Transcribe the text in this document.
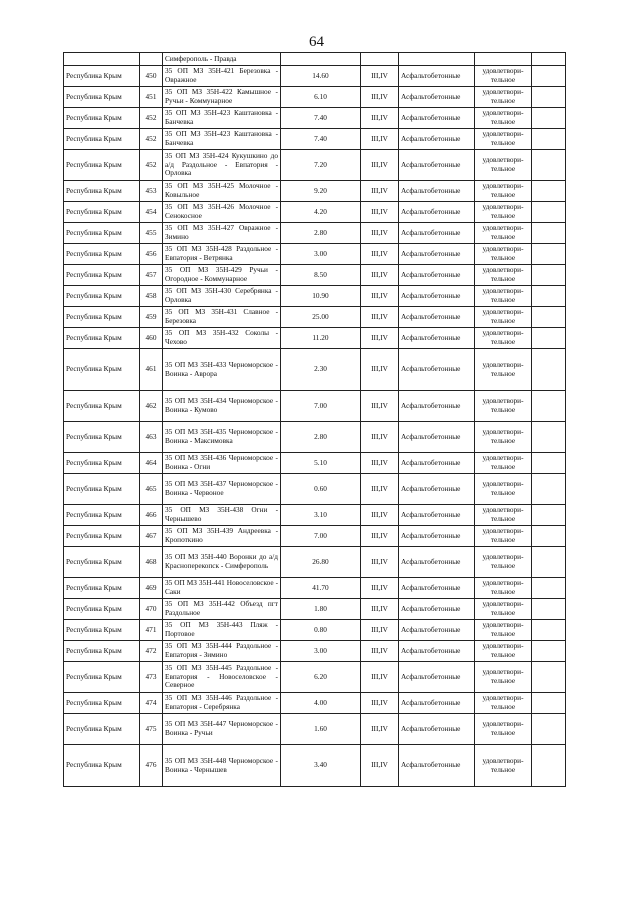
64
		Симферополь - Правда					
Республика Крым	450	35 ОП МЗ 35Н-421 Березовка - Овражное	14.60	III,IV	Асфальтобетонные	удовлетвори- тельное	
Республика Крым	451	35 ОП МЗ 35Н-422 Камышное - Ручьи - Коммунарное	6.10	III,IV	Асфальтобетонные	удовлетвори- тельное	
Республика Крым	452	35 ОП МЗ 35Н-423 Каштановка - Банчевка	7.40	III,IV	Асфальтобетонные	удовлетвори- тельное	
Республика Крым	452	35 ОП МЗ 35Н-423 Каштановка - Банчевка	7.40	III,IV	Асфальтобетонные	удовлетвори- тельное	
Республика Крым	452	35 ОП МЗ 35Н-424 Кукушкино до а/д Раздольное - Евпатория - Орловка	7.20	III,IV	Асфальтобетонные	удовлетвори- тельное	
Республика Крым	453	35 ОП МЗ 35Н-425 Молочное - Ковыльное	9.20	III,IV	Асфальтобетонные	удовлетвори- тельное	
Республика Крым	454	35 ОП МЗ 35Н-426 Молочное - Сенокосное	4.20	III,IV	Асфальтобетонные	удовлетвори- тельное	
Республика Крым	455	35 ОП МЗ 35Н-427 Овражное - Зимино	2.80	III,IV	Асфальтобетонные	удовлетвори- тельное	
Республика Крым	456	35 ОП МЗ 35Н-428 Раздольное - Евпатория - Ветрянка	3.00	III,IV	Асфальтобетонные	удовлетвори- тельное	
Республика Крым	457	35 ОП МЗ 35Н-429 Ручьи - Огородное - Коммунарное	8.50	III,IV	Асфальтобетонные	удовлетвори- тельное	
Республика Крым	458	35 ОП МЗ 35Н-430 Серебрянка - Орловка	10.90	III,IV	Асфальтобетонные	удовлетвори- тельное	
Республика Крым	459	35 ОП МЗ 35Н-431 Славное - Березовка	25.00	III,IV	Асфальтобетонные	удовлетвори- тельное	
Республика Крым	460	35 ОП МЗ 35Н-432 Соколы - Чехово	11.20	III,IV	Асфальтобетонные	удовлетвори- тельное	
Республика Крым	461	35 ОП МЗ 35Н-433 Черноморское - Воинка - Аврора	2.30	III,IV	Асфальтобетонные	удовлетвори- тельное	
Республика Крым	462	35 ОП МЗ 35Н-434 Черноморское - Воинка - Кумово	7.00	III,IV	Асфальтобетонные	удовлетвори- тельное	
Республика Крым	463	35 ОП МЗ 35Н-435 Черноморское - Воинка - Максимовка	2.80	III,IV	Асфальтобетонные	удовлетвори- тельное	
Республика Крым	464	35 ОП МЗ 35Н-436 Черноморское - Воинка - Огни	5.10	III,IV	Асфальтобетонные	удовлетвори- тельное	
Республика Крым	465	35 ОП МЗ 35Н-437 Черноморское - Воинка - Червоное	0.60	III,IV	Асфальтобетонные	удовлетвори- тельное	
Республика Крым	466	35 ОП МЗ 35Н-438 Огни - Чернышево	3.10	III,IV	Асфальтобетонные	удовлетвори- тельное	
Республика Крым	467	35 ОП МЗ 35Н-439 Андреевка - Кропоткино	7.00	III,IV	Асфальтобетонные	удовлетвори- тельное	
Республика Крым	468	35 ОП МЗ 35Н-440 Воронки до а/д Красноперекопск - Симферополь	26.80	III,IV	Асфальтобетонные	удовлетвори- тельное	
Республика Крым	469	35 ОП МЗ 35Н-441 Новоселовское - Саки	41.70	III,IV	Асфальтобетонные	удовлетвори- тельное	
Республика Крым	470	35 ОП МЗ 35Н-442 Объезд пгт Раздольное	1.80	III,IV	Асфальтобетонные	удовлетвори- тельное	
Республика Крым	471	35 ОП МЗ 35Н-443 Пляж - Портовое	0.80	III,IV	Асфальтобетонные	удовлетвори- тельное	
Республика Крым	472	35 ОП МЗ 35Н-444 Раздольное - Евпатория - Зимино	3.00	III,IV	Асфальтобетонные	удовлетвори- тельное	
Республика Крым	473	35 ОП МЗ 35Н-445 Раздольное - Евпатория - Новоселовское - Северное	6.20	III,IV	Асфальтобетонные	удовлетвори- тельное	
Республика Крым	474	35 ОП МЗ 35Н-446 Раздольное - Евпатория - Серебрянка	4.00	III,IV	Асфальтобетонные	удовлетвори- тельное	
Республика Крым	475	35 ОП МЗ 35Н-447 Черноморское - Воинка - Ручьи	1.60	III,IV	Асфальтобетонные	удовлетвори- тельное	
Республика Крым	476	35 ОП МЗ 35Н-448 Черноморское - Воинка - Чернышев	3.40	III,IV	Асфальтобетонные	удовлетвори- тельное	
